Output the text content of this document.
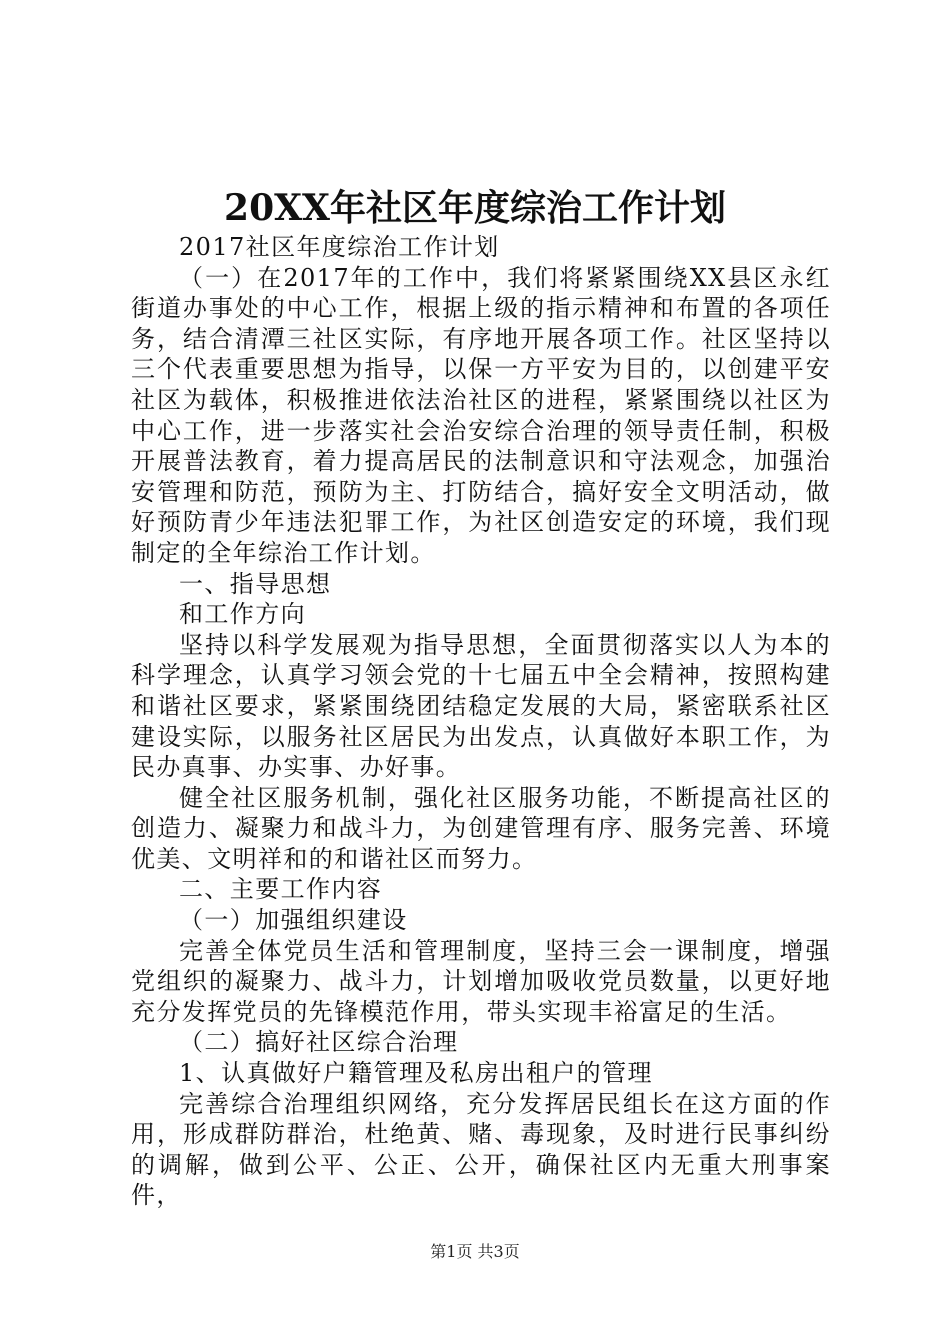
20XX年社区年度综治工作计划

2017社区年度综治工作计划

（一）在2017年的工作中，我们将紧紧围绕XX县区永红街道办事处的中心工作，根据上级的指示精神和布置的各项任务，结合清潭三社区实际，有序地开展各项工作。社区坚持以三个代表重要思想为指导，以保一方平安为目的，以创建平安社区为载体，积极推进依法治社区的进程，紧紧围绕以社区为中心工作，进一步落实社会治安综合治理的领导责任制，积极开展普法教育，着力提高居民的法制意识和守法观念，加强治安管理和防范，预防为主、打防结合，搞好安全文明活动，做好预防青少年违法犯罪工作，为社区创造安定的环境，我们现制定的全年综治工作计划。

一、指导思想

和工作方向

坚持以科学发展观为指导思想，全面贯彻落实以人为本的科学理念，认真学习领会党的十七届五中全会精神，按照构建和谐社区要求，紧紧围绕团结稳定发展的大局，紧密联系社区建设实际，以服务社区居民为出发点，认真做好本职工作，为民办真事、办实事、办好事。

健全社区服务机制，强化社区服务功能，不断提高社区的创造力、凝聚力和战斗力，为创建管理有序、服务完善、环境优美、文明祥和的和谐社区而努力。

二、主要工作内容

（一）加强组织建设

完善全体党员生活和管理制度，坚持三会一课制度，增强党组织的凝聚力、战斗力，计划增加吸收党员数量，以更好地充分发挥党员的先锋模范作用，带头实现丰裕富足的生活。

（二）搞好社区综合治理

1、认真做好户籍管理及私房出租户的管理

完善综合治理组织网络，充分发挥居民组长在这方面的作用，形成群防群治，杜绝黄、赌、毒现象，及时进行民事纠纷的调解，做到公平、公正、公开，确保社区内无重大刑事案件，

第1页 共3页
